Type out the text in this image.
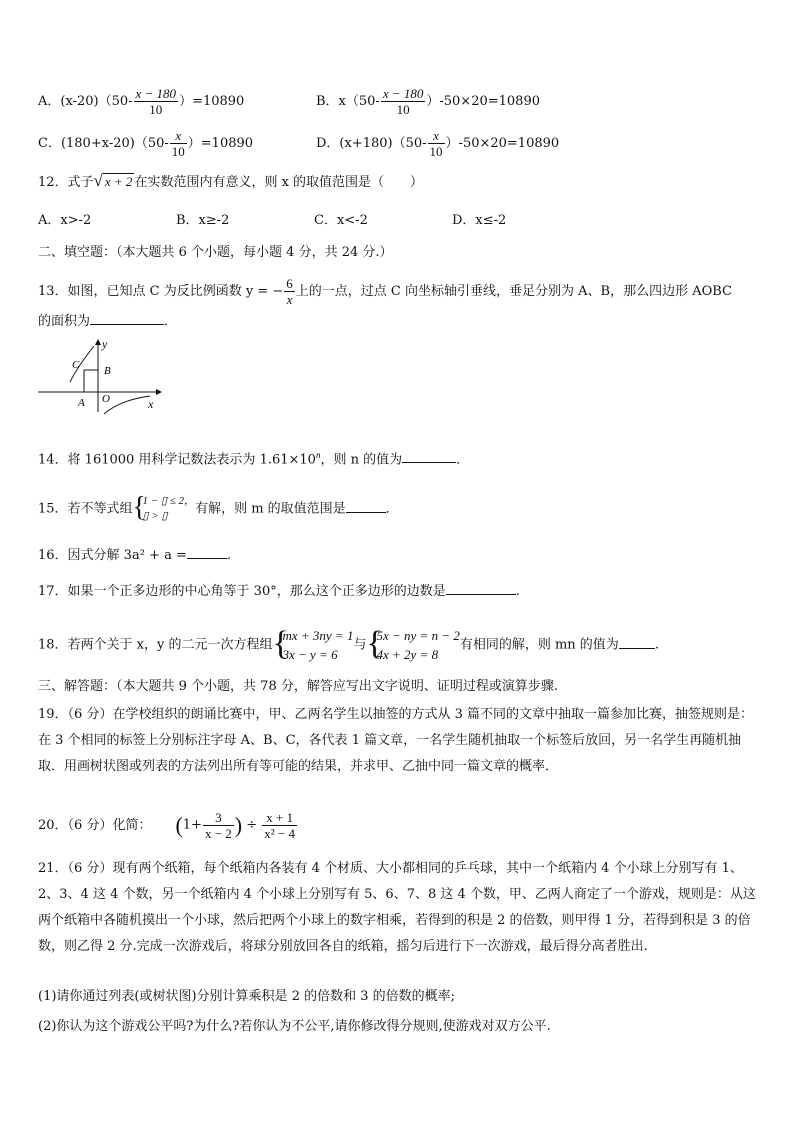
A．$(x-20)(50- \frac{x - 180}{10} )=10890$	B．$x(50- \frac{x - 180}{10} )-50\times 20=10890$
C．$(180+x-20)(50- \frac{x}{10} )=10890$	D．$(x+180)(50- \frac{x}{10} )-50\times 20=10890$
12．式子√ x + 2 在实数范围内有意义，则 x 的取值范围是（　　）
A．x>-2	B．x≥-2	C．x<-2	D．x≤-2
二、填空题：（本大题共 6 个小题，每小题 4 分，共 24 分.）
13．如图，已知点 C 为反比例函数 y = − $\frac{6}{x}$ 上的一点，过点 C 向坐标轴引垂线，垂足分别为 A、B，那么四边形 AOBC
的面积为	．
y
x
C B
A O
14．将 161000 用科学记数法表示为 $1.61\times 10^n$，则 n 的值为	．
15．若不等式组 {
1 − ▯ ≤ 2，
▯ > ▯	有解，则 m 的取值范围是	．
16．因式分解 3a² + a =	.
17．如果一个正多边形的中心角等于 30°，那么这个正多边形的边数是	.
18．若两个关于 x，y 的二元一次方程组 {
mx + 3ny = 1
3x − y = 6
与 {
5x − ny = n − 2
4x + 2y = 8
有相同的解，则 mn 的值为	.
三、解答题：（本大题共 9 个小题，共 78 分，解答应写出文字说明、证明过程或演算步骤.
19．（6 分）在学校组织的朗诵比赛中，甲、乙两名学生以抽签的方式从 3 篇不同的文章中抽取一篇参加比赛，抽签规则是：在 3 个相同的标签上分别标注字母 A、B、C，各代表 1 篇文章，一名学生随机抽取一个标签后放回，另一名学生再随机抽取．用画树状图或列表的方法列出所有等可能的结果，并求甲、乙抽中同一篇文章的概率．
20．（6 分）化简： ($1+ \frac{3}{x - 2}$ ) ÷ $\frac{x + 1}{\text{x² − 4}}$
21．（6 分）现有两个纸箱，每个纸箱内各装有 4 个材质、大小都相同的乒乓球，其中一个纸箱内 4 个小球上分别写有 1、2、3、4 这 4 个数，另一个纸箱内 4 个小球上分别写有 5、6、7、8 这 4 个数，甲、乙两人商定了一个游戏，规则是：从这两个纸箱中各随机摸出一个小球，然后把两个小球上的数字相乘，若得到的积是 2 的倍数，则甲得 1 分，若得到积是 3 的倍数，则乙得 2 分.完成一次游戏后，将球分别放回各自的纸箱，摇匀后进行下一次游戏，最后得分高者胜出.
(1)请你通过列表(或树状图)分别计算乘积是 2 的倍数和 3 的倍数的概率;
(2)你认为这个游戏公平吗?为什么?若你认为不公平,请你修改得分规则,使游戏对双方公平.
